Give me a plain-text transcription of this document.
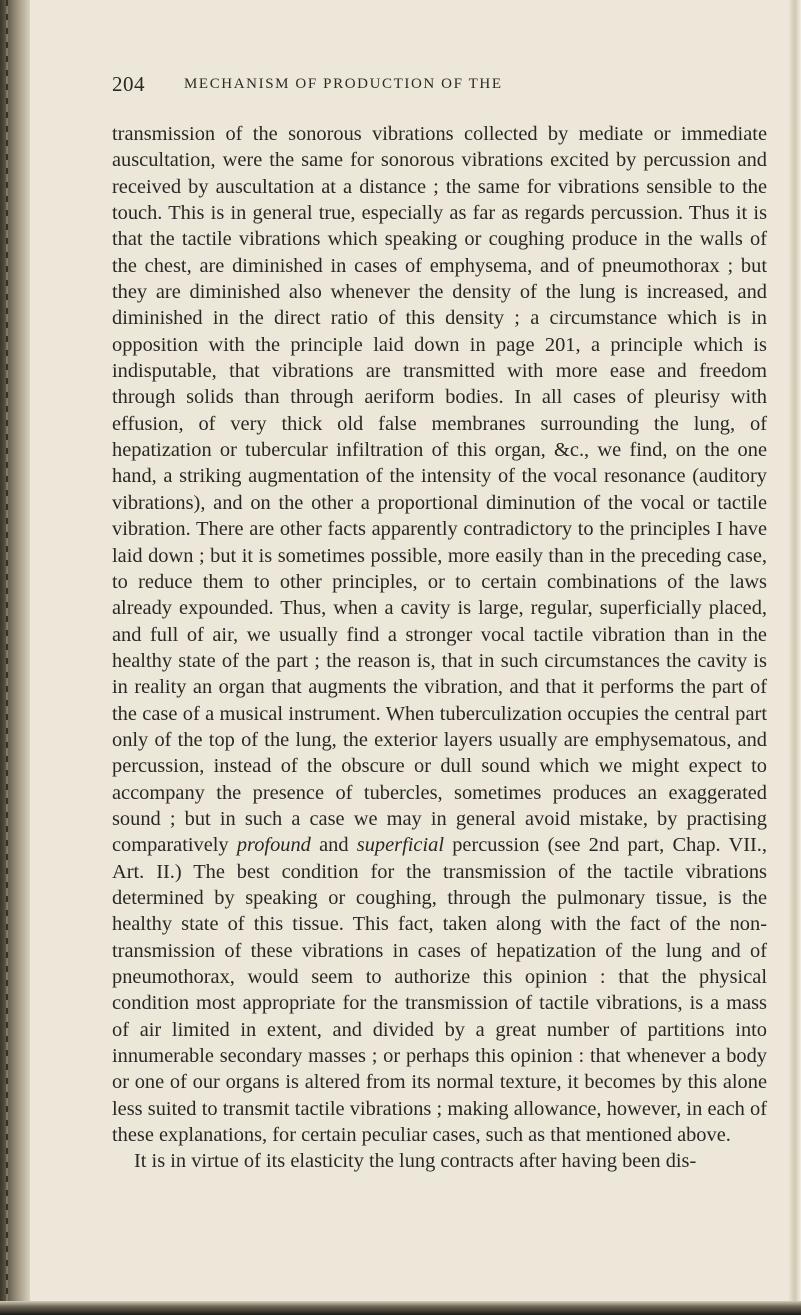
204	MECHANISM OF PRODUCTION OF THE

transmission of the sonorous vibrations collected by mediate or immediate auscultation, were the same for sonorous vibrations excited by percussion and received by auscultation at a distance ; the same for vibrations sensible to the touch. This is in general true, especially as far as regards percussion. Thus it is that the tactile vibrations which speaking or coughing produce in the walls of the chest, are diminished in cases of emphysema, and of pneumothorax ; but they are diminished also whenever the density of the lung is increased, and diminished in the direct ratio of this density ; a circumstance which is in opposition with the principle laid down in page 201, a principle which is indisputable, that vibrations are transmitted with more ease and freedom through solids than through aeriform bodies. In all cases of pleurisy with effusion, of very thick old false membranes surrounding the lung, of hepatization or tubercular infiltration of this organ, &c., we find, on the one hand, a striking augmentation of the intensity of the vocal resonance (auditory vibrations), and on the other a proportional diminution of the vocal or tactile vibration. There are other facts apparently contradictory to the principles I have laid down ; but it is sometimes possible, more easily than in the preceding case, to reduce them to other principles, or to certain combinations of the laws already expounded. Thus, when a cavity is large, regular, superficially placed, and full of air, we usually find a stronger vocal tactile vibration than in the healthy state of the part ; the reason is, that in such circumstances the cavity is in reality an organ that augments the vibration, and that it performs the part of the case of a musical instrument. When tuberculization occupies the central part only of the top of the lung, the exterior layers usually are emphysematous, and percussion, instead of the obscure or dull sound which we might expect to accompany the presence of tubercles, sometimes produces an exaggerated sound ; but in such a case we may in general avoid mistake, by practising comparatively profound and superficial percussion (see 2nd part, Chap. VII., Art. II.) The best condition for the transmission of the tactile vibrations determined by speaking or coughing, through the pulmonary tissue, is the healthy state of this tissue. This fact, taken along with the fact of the non-transmission of these vibrations in cases of hepatization of the lung and of pneumothorax, would seem to authorize this opinion : that the physical condition most appropriate for the transmission of tactile vibrations, is a mass of air limited in extent, and divided by a great number of partitions into innumerable secondary masses ; or perhaps this opinion : that whenever a body or one of our organs is altered from its normal texture, it becomes by this alone less suited to transmit tactile vibrations ; making allowance, however, in each of these explanations, for certain peculiar cases, such as that mentioned above.

It is in virtue of its elasticity the lung contracts after having been dis-
